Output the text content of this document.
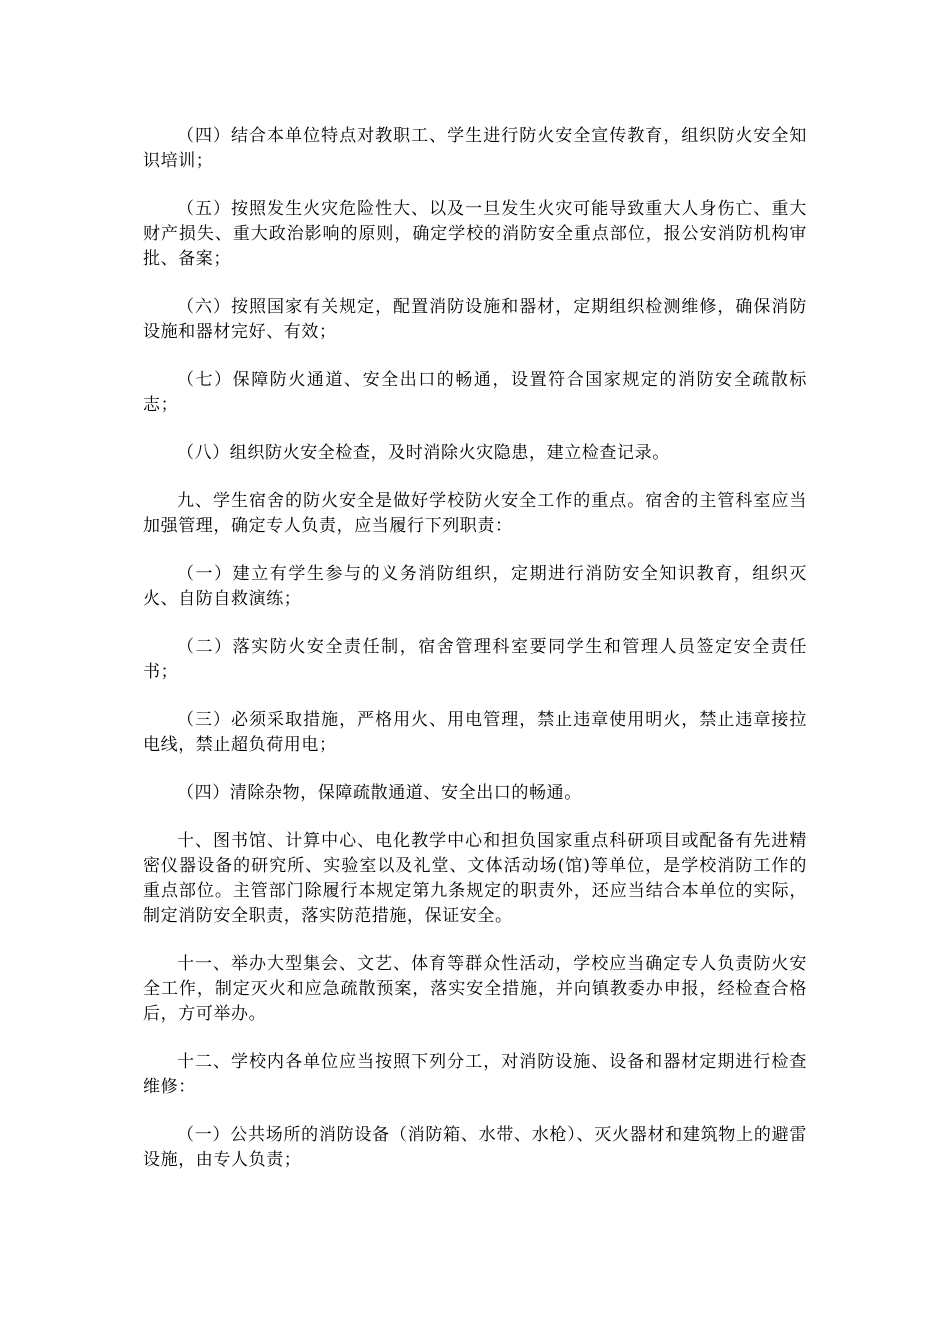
（四）结合本单位特点对教职工、学生进行防火安全宣传教育，组织防火安全知识培训；

（五）按照发生火灾危险性大、以及一旦发生火灾可能导致重大人身伤亡、重大财产损失、重大政治影响的原则，确定学校的消防安全重点部位，报公安消防机构审批、备案；

（六）按照国家有关规定，配置消防设施和器材，定期组织检测维修，确保消防设施和器材完好、有效；

（七）保障防火通道、安全出口的畅通，设置符合国家规定的消防安全疏散标志；

（八）组织防火安全检查，及时消除火灾隐患，建立检查记录。

九、学生宿舍的防火安全是做好学校防火安全工作的重点。宿舍的主管科室应当加强管理，确定专人负责，应当履行下列职责：

（一）建立有学生参与的义务消防组织，定期进行消防安全知识教育，组织灭火、自防自救演练；

（二）落实防火安全责任制，宿舍管理科室要同学生和管理人员签定安全责任书；

（三）必须采取措施，严格用火、用电管理，禁止违章使用明火，禁止违章接拉电线，禁止超负荷用电；

（四）清除杂物，保障疏散通道、安全出口的畅通。

十、图书馆、计算中心、电化教学中心和担负国家重点科研项目或配备有先进精密仪器设备的研究所、实验室以及礼堂、文体活动场(馆)等单位，是学校消防工作的重点部位。主管部门除履行本规定第九条规定的职责外，还应当结合本单位的实际，制定消防安全职责，落实防范措施，保证安全。

十一、举办大型集会、文艺、体育等群众性活动，学校应当确定专人负责防火安全工作，制定灭火和应急疏散预案，落实安全措施，并向镇教委办申报，经检查合格后，方可举办。

十二、学校内各单位应当按照下列分工，对消防设施、设备和器材定期进行检查维修：

（一）公共场所的消防设备（消防箱、水带、水枪）、灭火器材和建筑物上的避雷设施，由专人负责；
